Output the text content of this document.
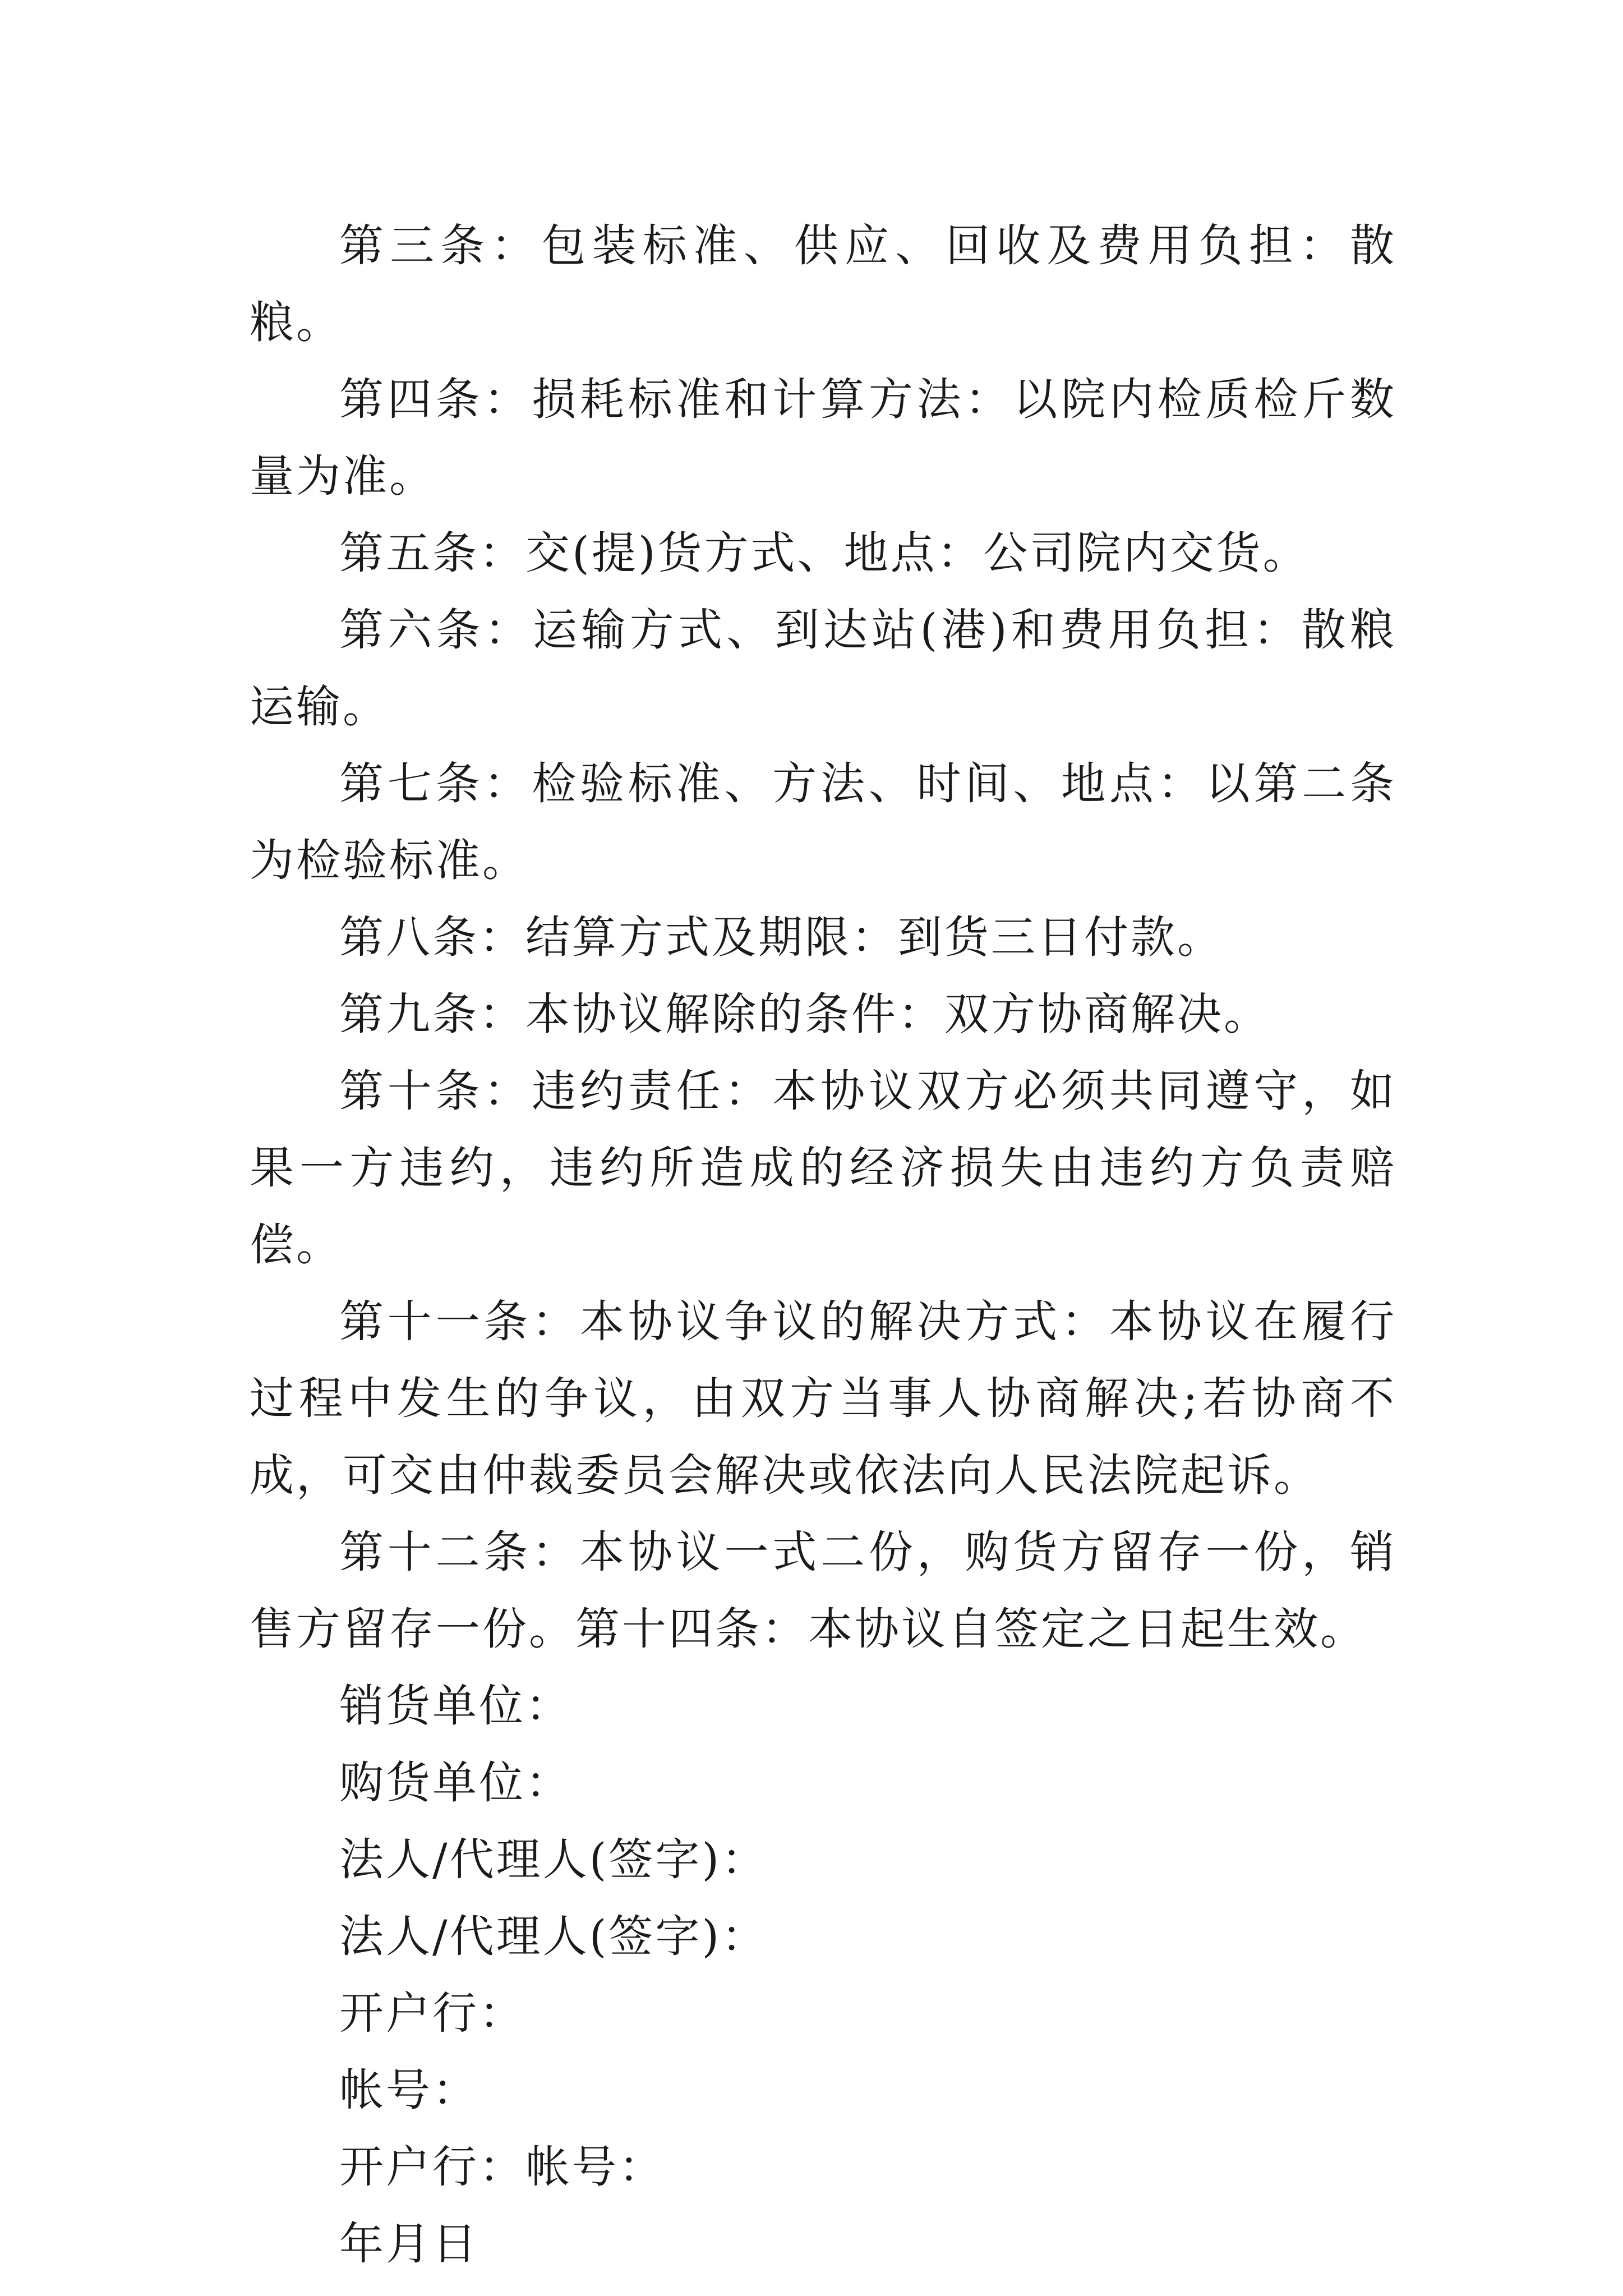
第三条：包装标准、供应、回收及费用负担：散粮。

第四条：损耗标准和计算方法：以院内检质检斤数量为准。

第五条：交(提)货方式、地点：公司院内交货。

第六条：运输方式、到达站(港)和费用负担：散粮运输。

第七条：检验标准、方法、时间、地点：以第二条为检验标准。

第八条：结算方式及期限：到货三日付款。

第九条：本协议解除的条件：双方协商解决。

第十条：违约责任：本协议双方必须共同遵守，如果一方违约，违约所造成的经济损失由违约方负责赔偿。

第十一条：本协议争议的解决方式：本协议在履行过程中发生的争议，由双方当事人协商解决;若协商不成，可交由仲裁委员会解决或依法向人民法院起诉。

第十二条：本协议一式二份，购货方留存一份，销售方留存一份。第十四条：本协议自签定之日起生效。

销货单位：

购货单位：

法人/代理人(签字)：

法人/代理人(签字)：

开户行：

帐号：

开户行：帐号：

年月日
